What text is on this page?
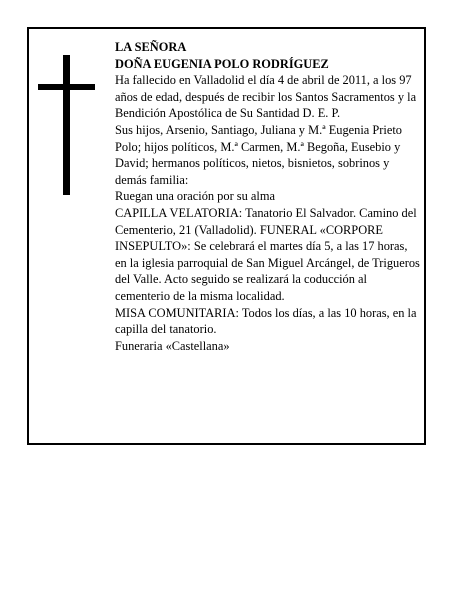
LA SEÑORA

DOÑA EUGENIA POLO RODRÍGUEZ

Ha fallecido en Valladolid el día 4 de abril de 2011, a los 97 años de edad, después de recibir los Santos Sacramentos y la Bendición Apostólica de Su Santidad D. E. P.

Sus hijos, Arsenio, Santiago, Juliana y M.ª Eugenia Prieto Polo; hijos políticos, M.ª Carmen, M.ª Begoña, Eusebio y David; hermanos políticos, nietos, bisnietos, sobrinos y demás familia:

Ruegan una oración por su alma

CAPILLA VELATORIA: Tanatorio El Salvador. Camino del Cementerio, 21 (Valladolid). FUNERAL «CORPORE INSEPULTO»: Se celebrará el martes día 5, a las 17 horas, en la iglesia parroquial de San Miguel Arcángel, de Trigueros del Valle. Acto seguido se realizará la coducción al cementerio de la misma localidad.

MISA COMUNITARIA: Todos los días, a las 10 horas, en la capilla del tanatorio.

Funeraria «Castellana»
